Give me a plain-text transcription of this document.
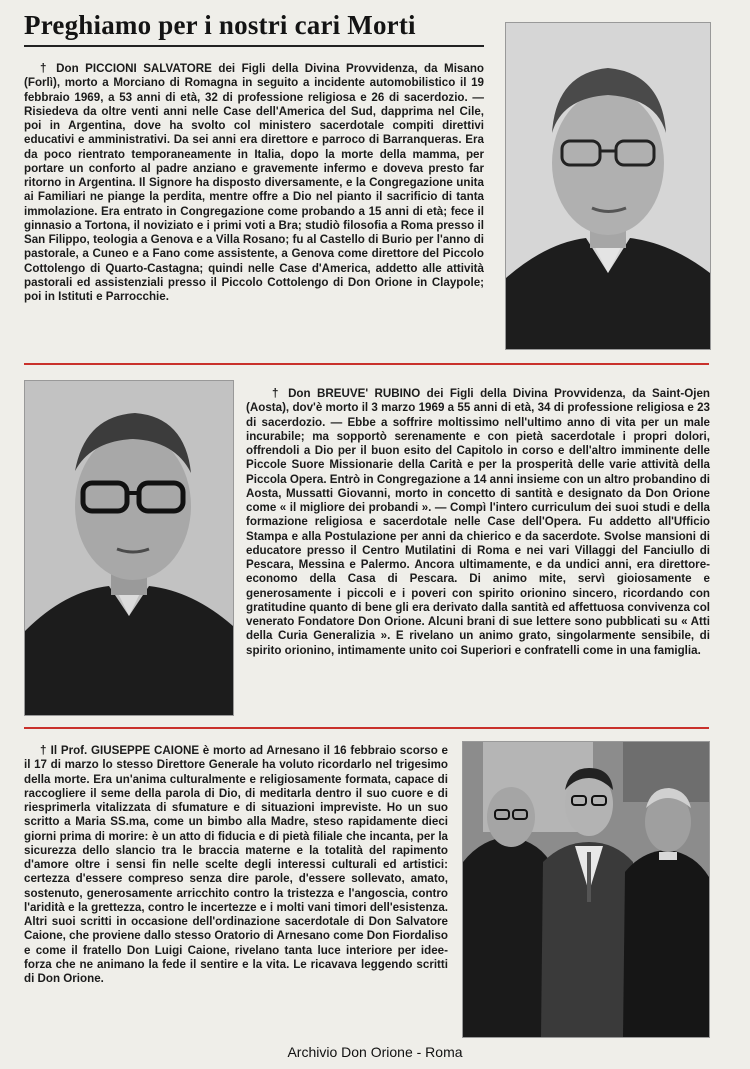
Preghiamo per i nostri cari Morti

† Don PICCIONI SALVATORE dei Figli della Divina Provvidenza, da Misano (Forlì), morto a Morciano di Romagna in seguito a incidente automobilistico il 19 febbraio 1969, a 53 anni di età, 32 di professione religiosa e 26 di sacerdozio. — Risiedeva da oltre venti anni nelle Case dell'America del Sud, dapprima nel Cile, poi in Argentina, dove ha svolto col ministero sacerdotale compiti direttivi educativi e amministrativi. Da sei anni era direttore e parroco di Barranqueras. Era da poco rientrato temporaneamente in Italia, dopo la morte della mamma, per portare un conforto al padre anziano e gravemente infermo e doveva presto far ritorno in Argentina. Il Signore ha disposto diversamente, e la Congregazione unita ai Familiari ne piange la perdita, mentre offre a Dio nel pianto il sacrificio di tanta immolazione. Era entrato in Congregazione come probando a 15 anni di età; fece il ginnasio a Tortona, il noviziato e i primi voti a Bra; studiò filosofia a Roma presso il San Filippo, teologia a Genova e a Villa Rosano; fu al Castello di Burio per l'anno di pastorale, a Cuneo e a Fano come assistente, a Genova come direttore del Piccolo Cottolengo di Quarto-Castagna; quindi nelle Case d'America, addetto alle attività pastorali ed assistenziali presso il Piccolo Cottolengo di Don Orione in Claypole; poi in Istituti e Parrocchie.

† Don BREUVE' RUBINO dei Figli della Divina Provvidenza, da Saint-Ojen (Aosta), dov'è morto il 3 marzo 1969 a 55 anni di età, 34 di professione religiosa e 23 di sacerdozio. — Ebbe a soffrire moltissimo nell'ultimo anno di vita per un male incurabile; ma sopportò serenamente e con pietà sacerdotale i propri dolori, offrendoli a Dio per il buon esito del Capitolo in corso e dell'altro imminente delle Piccole Suore Missionarie della Carità e per la prosperità delle varie attività della Piccola Opera. Entrò in Congregazione a 14 anni insieme con un altro probandino di Aosta, Mussatti Giovanni, morto in concetto di santità e designato da Don Orione come « il migliore dei probandi ». — Compì l'intero curriculum dei suoi studi e della formazione religiosa e sacerdotale nelle Case dell'Opera. Fu addetto all'Ufficio Stampa e alla Postulazione per anni da chierico e da sacerdote. Svolse mansioni di educatore presso il Centro Mutilatini di Roma e nei vari Villaggi del Fanciullo di Pescara, Messina e Palermo. Ancora ultimamente, e da undici anni, era direttore-economo della Casa di Pescara. Di animo mite, servì gioiosamente e generosamente i piccoli e i poveri con spirito orionino sincero, ricordando con gratitudine quanto di bene gli era derivato dalla santità ed affettuosa convivenza col venerato Fondatore Don Orione. Alcuni brani di sue lettere sono pubblicati su « Atti della Curia Generalizia ». E rivelano un animo grato, singolarmente sensibile, di spirito orionino, intimamente unito coi Superiori e confratelli come in una famiglia.

† Il Prof. GIUSEPPE CAIONE è morto ad Arnesano il 16 febbraio scorso e il 17 di marzo lo stesso Direttore Generale ha voluto ricordarlo nel trigesimo della morte. Era un'anima culturalmente e religiosamente formata, capace di raccogliere il seme della parola di Dio, di meditarla dentro il suo cuore e di riesprimerla vitalizzata di sfumature e di situazioni impreviste. Ho un suo scritto a Maria SS.ma, come un bimbo alla Madre, steso rapidamente dieci giorni prima di morire: è un atto di fiducia e di pietà filiale che incanta, per la sicurezza dello slancio tra le braccia materne e la totalità del rapimento d'amore oltre i sensi fin nelle scelte degli interessi culturali ed artistici: certezza d'essere compreso senza dire parole, d'essere sollevato, amato, sostenuto, generosamente arricchito contro la tristezza e l'angoscia, contro l'aridità e la grettezza, contro le incertezze e i molti vani timori dell'esistenza. Altri suoi scritti in occasione dell'ordinazione sacerdotale di Don Salvatore Caione, che proviene dallo stesso Oratorio di Arnesano come Don Fiordaliso e come il fratello Don Luigi Caione, rivelano tanta luce interiore per idee-forza che ne animano la fede il sentire e la vita. Le ricavava leggendo scritti di Don Orione.

Archivio Don Orione - Roma
